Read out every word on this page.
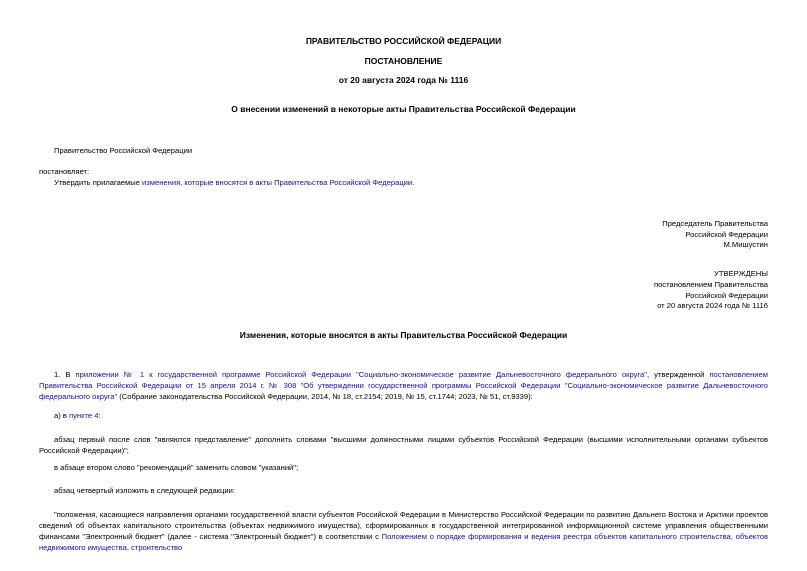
ПРАВИТЕЛЬСТВО РОССИЙСКОЙ ФЕДЕРАЦИИ
ПОСТАНОВЛЕНИЕ
от 20 августа 2024 года № 1116
О внесении изменений в некоторые акты Правительства Российской Федерации
Правительство Российской Федерации
постановляет:
Утвердить прилагаемые изменения, которые вносятся в акты Правительства Российской Федерации.
Председатель Правительства
Российской Федерации
М.Мишустин
УТВЕРЖДЕНЫ
постановлением Правительства
Российской Федерации
от 20 августа 2024 года № 1116
Изменения, которые вносятся в акты Правительства Российской Федерации
1. В приложении № 1 к государственной программе Российской Федерации "Социально-экономическое развитие Дальневосточного федерального округа", утвержденной постановлением Правительства Российской Федерации от 15 апреля 2014 г. № 308 "Об утверждении государственной программы Российской Федерации "Социально-экономическое развитие Дальневосточного федерального округа" (Собрание законодательства Российской Федерации, 2014, № 18, ст.2154; 2019, № 15, ст.1744; 2023, № 51, ст.9339):
а) в пункте 4:
абзац первый после слов "являются представление" дополнить словами "высшими должностными лицами субъектов Российской Федерации (высшими исполнительными органами субъектов Российской Федерации)";
в абзаце втором слово "рекомендаций" заменить словом "указаний";
абзац четвертый изложить в следующей редакции:
"положения, касающиеся направления органами государственной власти субъектов Российской Федерации в Министерство Российской Федерации по развитию Дальнего Востока и Арктики проектов сведений об объектах капитального строительства (объектах недвижимого имущества), сформированных в государственной интегрированной информационной системе управления общественными финансами "Электронный бюджет" (далее - система "Электронный бюджет") в соответствии с Положением о порядке формирования и ведения реестра объектов капитального строительства, объектов недвижимого имущества, строительство
